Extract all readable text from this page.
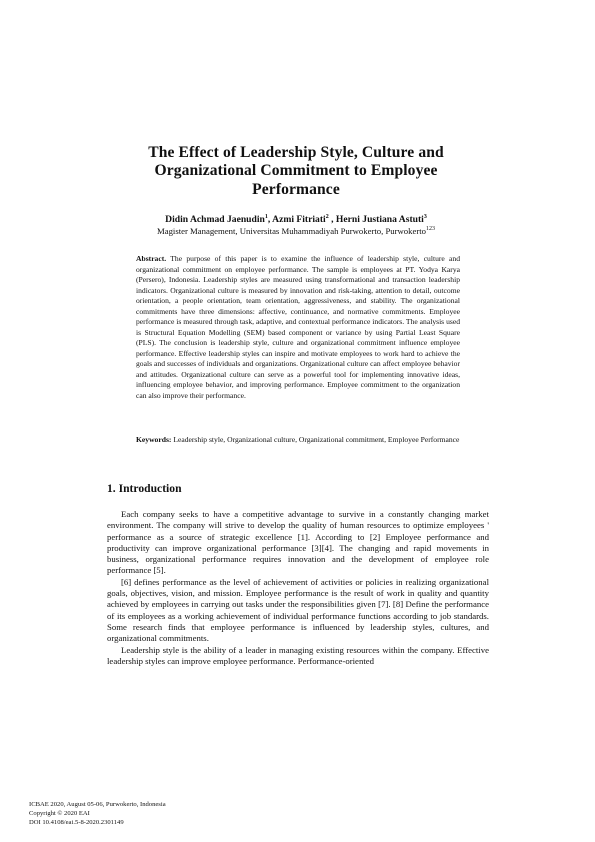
The Effect of Leadership Style, Culture and Organizational Commitment to Employee Performance
Didin Achmad Jaenudin$^1$, Azmi Fitriati$^2$ , Herni Justiana Astuti$^3$
Magister Management, Universitas Muhammadiyah Purwokerto, Purwokerto$^{123}$
Abstract. The purpose of this paper is to examine the influence of leadership style, culture and organizational commitment on employee performance. The sample is employees at PT. Yodya Karya (Persero), Indonesia. Leadership styles are measured using transformational and transaction leadership indicators. Organizational culture is measured by innovation and risk-taking, attention to detail, outcome orientation, a people orientation, team orientation, aggressiveness, and stability. The organizational commitments have three dimensions: affective, continuance, and normative commitments. Employee performance is measured through task, adaptive, and contextual performance indicators. The analysis used is Structural Equation Modelling (SEM) based component or variance by using Partial Least Square (PLS). The conclusion is leadership style, culture and organizational commitment influence employee performance. Effective leadership styles can inspire and motivate employees to work hard to achieve the goals and successes of individuals and organizations. Organizational culture can affect employee behavior and attitudes. Organizational culture can serve as a powerful tool for implementing innovative ideas, influencing employee behavior, and improving performance. Employee commitment to the organization can also improve their performance.
Keywords: Leadership style, Organizational culture, Organizational commitment, Employee Performance
1. Introduction

Each company seeks to have a competitive advantage to survive in a constantly changing market environment. The company will strive to develop the quality of human resources to optimize employees ' performance as a source of strategic excellence [1]. According to [2] Employee performance and productivity can improve organizational performance [3][4]. The changing and rapid movements in business, organizational performance requires innovation and the development of employee role performance [5].

[6] defines performance as the level of achievement of activities or policies in realizing organizational goals, objectives, vision, and mission. Employee performance is the result of work in quality and quantity achieved by employees in carrying out tasks under the responsibilities given [7]. [8] Define the performance of its employees as a working achievement of individual performance functions according to job standards. Some research finds that employee performance is influenced by leadership styles, cultures, and organizational commitments.

Leadership style is the ability of a leader in managing existing resources within the company. Effective leadership styles can improve employee performance. Performance-oriented

ICBAE 2020, August 05-06, Purwokerto, Indonesia
Copyright © 2020 EAI
DOI 10.4108/eai.5-8-2020.2301149
